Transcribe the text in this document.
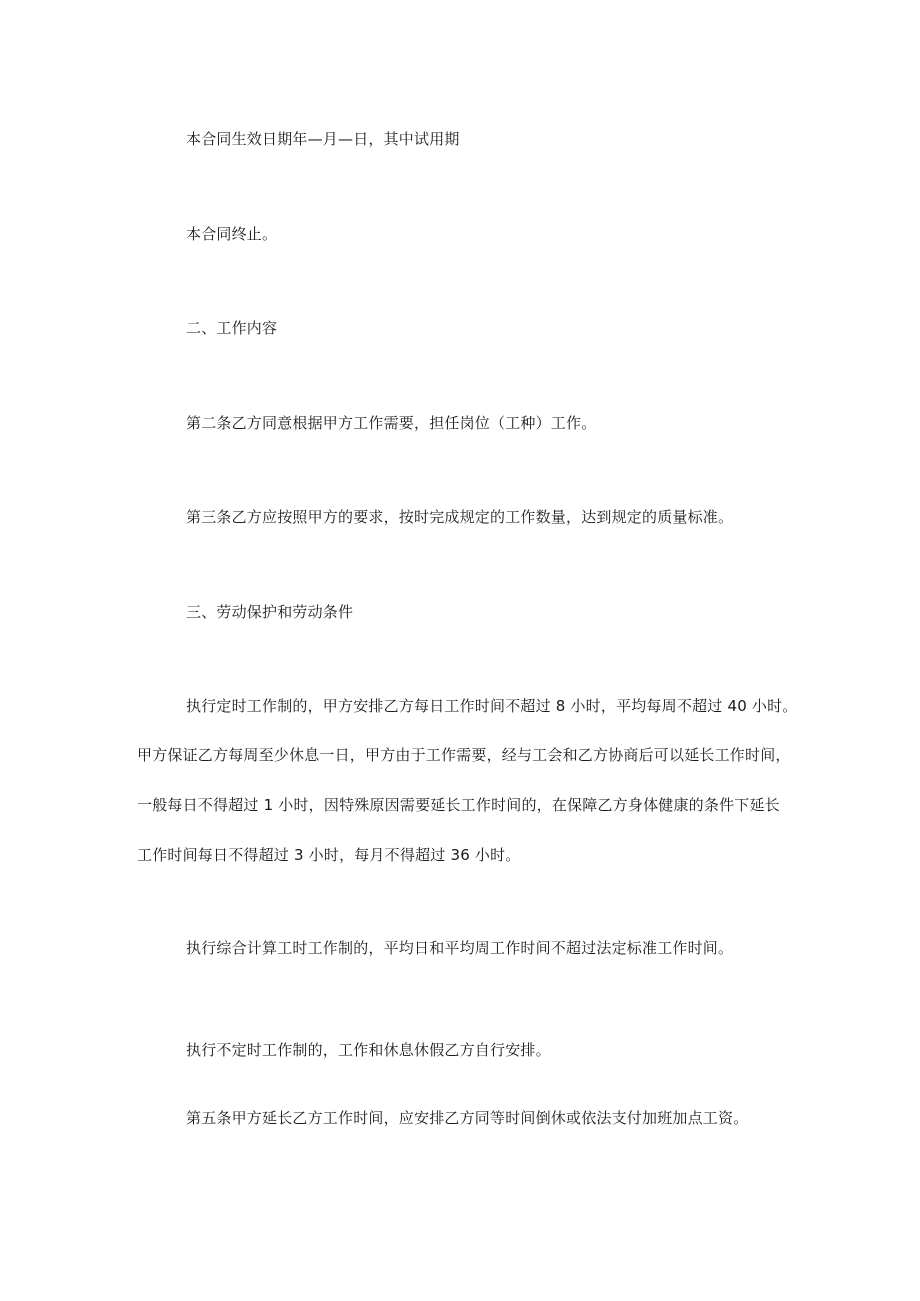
本合同生效日期年—月—日，其中试用期
本合同终止。
二、工作内容
第二条乙方同意根据甲方工作需要，担任岗位（工种）工作。
第三条乙方应按照甲方的要求，按时完成规定的工作数量，达到规定的质量标准。
三、劳动保护和劳动条件
执行定时工作制的，甲方安排乙方每日工作时间不超过 8 小时，平均每周不超过 40 小时。
甲方保证乙方每周至少休息一日，甲方由于工作需要，经与工会和乙方协商后可以延长工作时间，
一般每日不得超过 1 小时，因特殊原因需要延长工作时间的，在保障乙方身体健康的条件下延长
工作时间每日不得超过 3 小时，每月不得超过 36 小时。
执行综合计算工时工作制的，平均日和平均周工作时间不超过法定标准工作时间。
执行不定时工作制的，工作和休息休假乙方自行安排。
第五条甲方延长乙方工作时间，应安排乙方同等时间倒休或依法支付加班加点工资。
